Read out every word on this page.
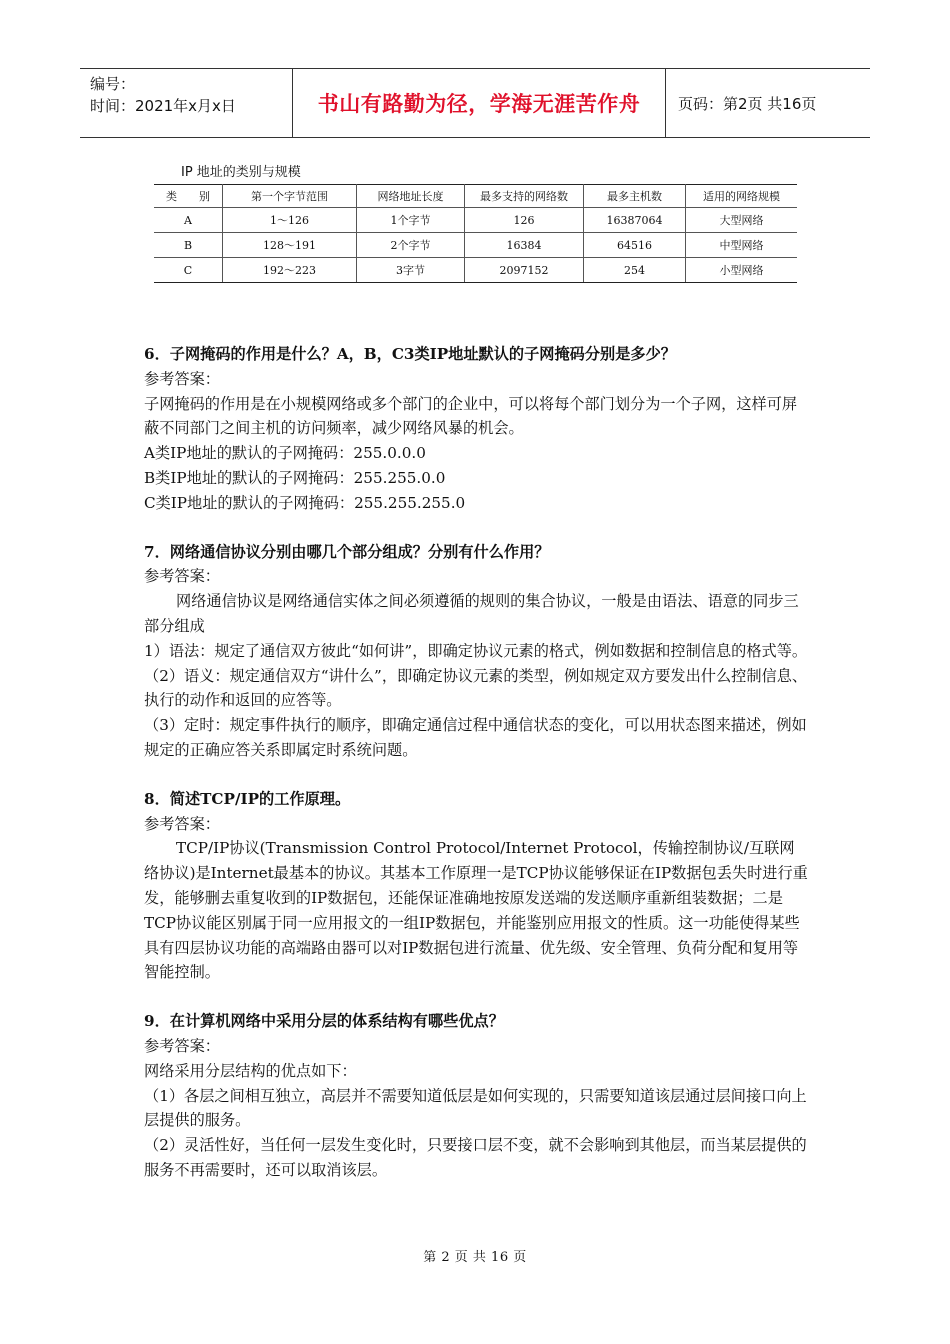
编号：
时间：2021年x月x日	书山有路勤为径，学海无涯苦作舟	页码：第2页 共16页
IP 地址的类别与规模
类　　别	第一个字节范围	网络地址长度	最多支持的网络数	最多主机数	适用的网络规模
A	1～126	1个字节	126	16387064	大型网络
B	128～191	2个字节	16384	64516	中型网络
C	192～223	3字节	2097152	254	小型网络

6．子网掩码的作用是什么？A，B，C3类IP地址默认的子网掩码分别是多少？

参考答案：

子网掩码的作用是在小规模网络或多个部门的企业中，可以将每个部门划分为一个子网，这样可屏蔽不同部门之间主机的访问频率，减少网络风暴的机会。

A类IP地址的默认的子网掩码：255.0.0.0

B类IP地址的默认的子网掩码：255.255.0.0

C类IP地址的默认的子网掩码：255.255.255.0

7．网络通信协议分别由哪几个部分组成？分别有什么作用？

参考答案：

网络通信协议是网络通信实体之间必须遵循的规则的集合协议，一般是由语法、语意的同步三部分组成

1）语法：规定了通信双方彼此“如何讲”，即确定协议元素的格式，例如数据和控制信息的格式等。

（2）语义：规定通信双方“讲什么”，即确定协议元素的类型，例如规定双方要发出什么控制信息、执行的动作和返回的应答等。

（3）定时：规定事件执行的顺序，即确定通信过程中通信状态的变化，可以用状态图来描述，例如规定的正确应答关系即属定时系统问题。

8．简述TCP/IP的工作原理。

参考答案：

TCP/IP协议(Transmission Control Protocol/Internet Protocol，传输控制协议/互联网

络协议)是Internet最基本的协议。其基本工作原理一是TCP协议能够保证在IP数据包丢失时进行重发，能够删去重复收到的IP数据包，还能保证准确地按原发送端的发送顺序重新组装数据；二是TCP协议能区别属于同一应用报文的一组IP数据包，并能鉴别应用报文的性质。这一功能使得某些具有四层协议功能的高端路由器可以对IP数据包进行流量、优先级、安全管理、负荷分配和复用等智能控制。

9．在计算机网络中采用分层的体系结构有哪些优点？

参考答案：

网络采用分层结构的优点如下：

（1）各层之间相互独立，高层并不需要知道低层是如何实现的，只需要知道该层通过层间接口向上层提供的服务。

（2）灵活性好，当任何一层发生变化时，只要接口层不变，就不会影响到其他层，而当某层提供的服务不再需要时，还可以取消该层。

第 2 页 共 16 页
